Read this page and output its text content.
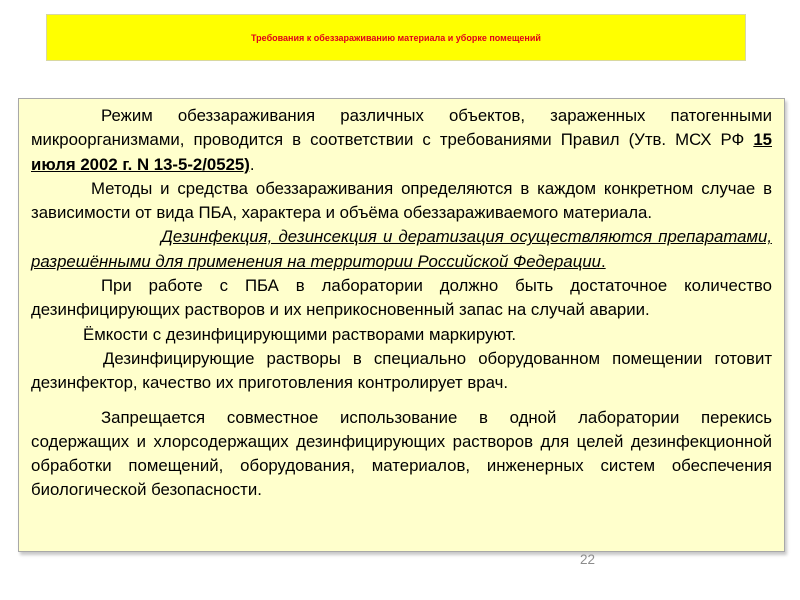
Требования к обеззараживанию материала и уборке помещений

Режим обеззараживания различных объектов, зараженных патогенными микроорганизмами, проводится в соответствии с требованиями Правил (Утв. МСХ РФ 15 июля 2002 г. N 13-5-2/0525).

Методы и средства обеззараживания определяются в каждом конкретном случае в зависимости от вида ПБА, характера и объёма обеззараживаемого материала.

Дезинфекция, дезинсекция и дератизация осуществляются препаратами, разрешёнными для применения на территории Российской Федерации.

При работе с ПБА в лаборатории должно быть достаточное количество дезинфицирующих растворов и их неприкосновенный запас на случай аварии.

Ёмкости с дезинфицирующими растворами маркируют.

Дезинфицирующие растворы в специально оборудованном помещении готовит дезинфектор, качество их приготовления контролирует врач.

Запрещается совместное использование в одной лаборатории перекись содержащих и хлорсодержащих дезинфицирующих растворов для целей дезинфекционной обработки помещений, оборудования, материалов, инженерных систем обеспечения биологической безопасности.

22
